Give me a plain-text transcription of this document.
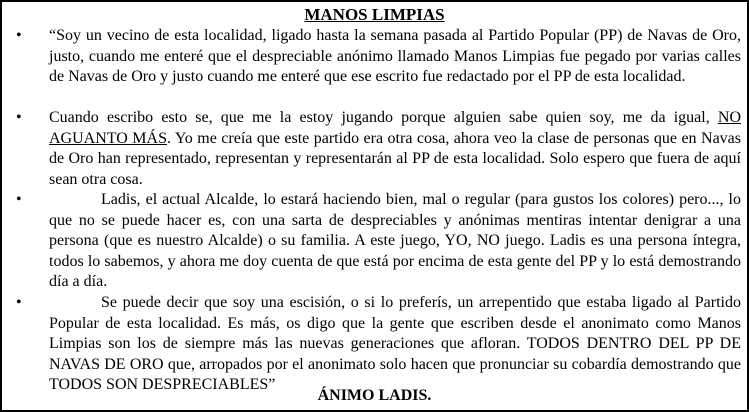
MANOS LIMPIAS
• “Soy un vecino de esta localidad, ligado hasta la semana pasada al Partido Popular (PP) de Navas de Oro, justo, cuando me enteré que el despreciable anónimo llamado Manos Limpias fue pegado por varias calles de Navas de Oro y justo cuando me enteré que ese escrito fue redactado por el PP de esta localidad.

• Cuando escribo esto se, que me la estoy jugando porque alguien sabe quien soy, me da igual, NO AGUANTO MÁS. Yo me creía que este partido era otra cosa, ahora veo la clase de personas que en Navas de Oro han representado, representan y representarán al PP de esta localidad. Solo espero que fuera de aquí sean otra cosa.

•	Ladis, el actual Alcalde, lo estará haciendo bien, mal o regular (para gustos los colores) pero..., lo que no se puede hacer es, con una sarta de despreciables y anónimas mentiras intentar denigrar a una persona (que es nuestro Alcalde) o su familia. A este juego, YO, NO juego. Ladis es una persona íntegra, todos lo sabemos, y ahora me doy cuenta de que está por encima de esta gente del PP y lo está demostrando día a día.

•	Se puede decir que soy una escisión, o si lo preferís, un arrepentido que estaba ligado al Partido Popular de esta localidad. Es más, os digo que la gente que escriben desde el anonimato como Manos Limpias son los de siempre más las nuevas generaciones que afloran. TODOS DENTRO DEL PP DE NAVAS DE ORO que, arropados por el anonimato solo hacen que pronunciar su cobardía demostrando que TODOS SON DESPRECIABLES”

ÁNIMO LADIS.
